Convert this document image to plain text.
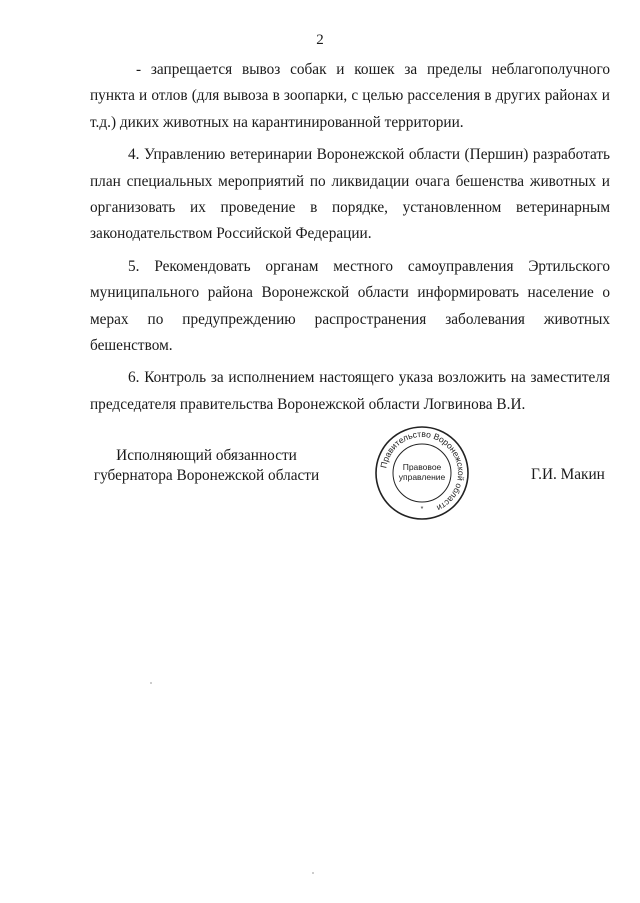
2

- запрещается вывоз собак и кошек за пределы неблагополучного пункта и отлов (для вывоза в зоопарки, с целью расселения в других районах и т.д.) диких животных на карантинированной территории.

4. Управлению ветеринарии Воронежской области (Першин) разработать план специальных мероприятий по ликвидации очага бешенства животных и организовать их проведение в порядке, установленном ветеринарным законодательством Российской Федерации.

5. Рекомендовать органам местного самоуправления Эртильского муниципального района Воронежской области информировать население о мерах по предупреждению распространения заболевания животных бешенством.

6. Контроль за исполнением настоящего указа возложить на заместителя председателя правительства Воронежской области Логвинова В.И.

Исполняющий обязанности
губернатора Воронежской области
Правительство Воронежской области
*
Правовое
управление	Г.И. Макин
